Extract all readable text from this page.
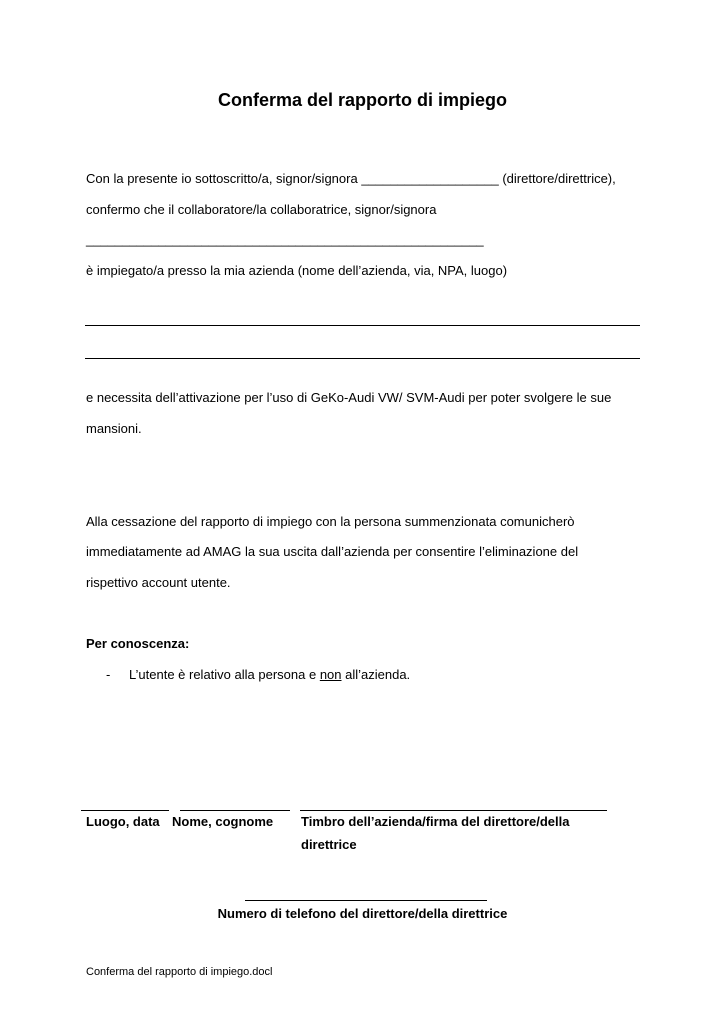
Conferma del rapporto di impiego
Con la presente io sottoscritto/a, signor/signora ___________________ (direttore/direttrice),
confermo che il collaboratore/la collaboratrice, signor/signora
_______________________________________________________
è impiegato/a presso la mia azienda (nome dell’azienda, via, NPA, luogo)
e necessita dell’attivazione per l’uso di GeKo-Audi VW/ SVM-Audi per poter svolgere le sue
mansioni.
Alla cessazione del rapporto di impiego con la persona summenzionata comunicherò
immediatamente ad AMAG la sua uscita dall’azienda per consentire l’eliminazione del
rispettivo account utente.
Per conoscenza:
- L’utente è relativo alla persona e non all’azienda.
Luogo, data Nome, cognome Timbro dell’azienda/firma del direttore/della
direttrice
Numero di telefono del direttore/della direttrice
Conferma del rapporto di impiego.docl
